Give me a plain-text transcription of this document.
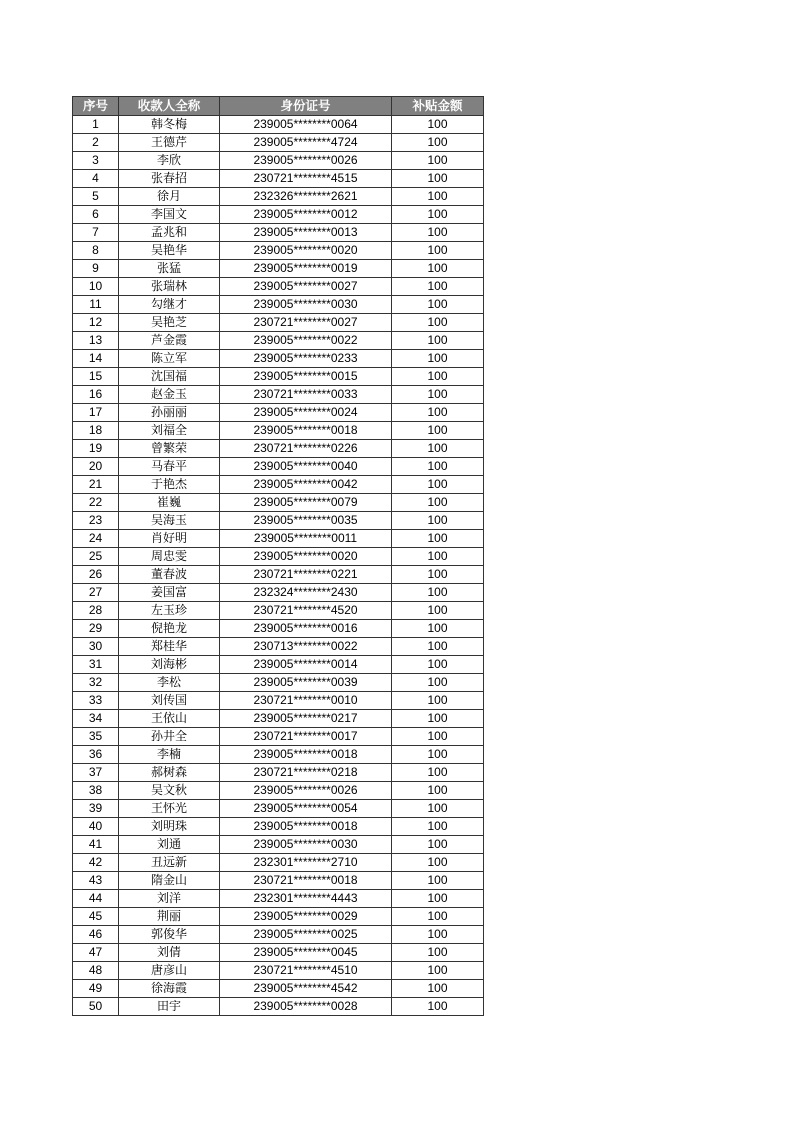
序号	收款人全称	身份证号	补贴金额
1	韩冬梅	239005********0064	100
2	王德芹	239005********4724	100
3	李欣	239005********0026	100
4	张春招	230721********4515	100
5	徐月	232326********2621	100
6	李国文	239005********0012	100
7	孟兆和	239005********0013	100
8	吴艳华	239005********0020	100
9	张猛	239005********0019	100
10	张瑞林	239005********0027	100
11	勾继才	239005********0030	100
12	吴艳芝	230721********0027	100
13	芦金霞	239005********0022	100
14	陈立军	239005********0233	100
15	沈国福	239005********0015	100
16	赵金玉	230721********0033	100
17	孙丽丽	239005********0024	100
18	刘福全	239005********0018	100
19	曾繁荣	230721********0226	100
20	马春平	239005********0040	100
21	于艳杰	239005********0042	100
22	崔巍	239005********0079	100
23	吴海玉	239005********0035	100
24	肖好明	239005********0011	100
25	周忠雯	239005********0020	100
26	董春波	230721********0221	100
27	姜国富	232324********2430	100
28	左玉珍	230721********4520	100
29	倪艳龙	239005********0016	100
30	郑桂华	230713********0022	100
31	刘海彬	239005********0014	100
32	李松	239005********0039	100
33	刘传国	230721********0010	100
34	王依山	239005********0217	100
35	孙井全	230721********0017	100
36	李楠	239005********0018	100
37	郝树森	230721********0218	100
38	吴文秋	239005********0026	100
39	王怀光	239005********0054	100
40	刘明珠	239005********0018	100
41	刘通	239005********0030	100
42	丑远新	232301********2710	100
43	隋金山	230721********0018	100
44	刘洋	232301********4443	100
45	荆丽	239005********0029	100
46	郭俊华	239005********0025	100
47	刘倩	239005********0045	100
48	唐彦山	230721********4510	100
49	徐海霞	239005********4542	100
50	田宇	239005********0028	100
